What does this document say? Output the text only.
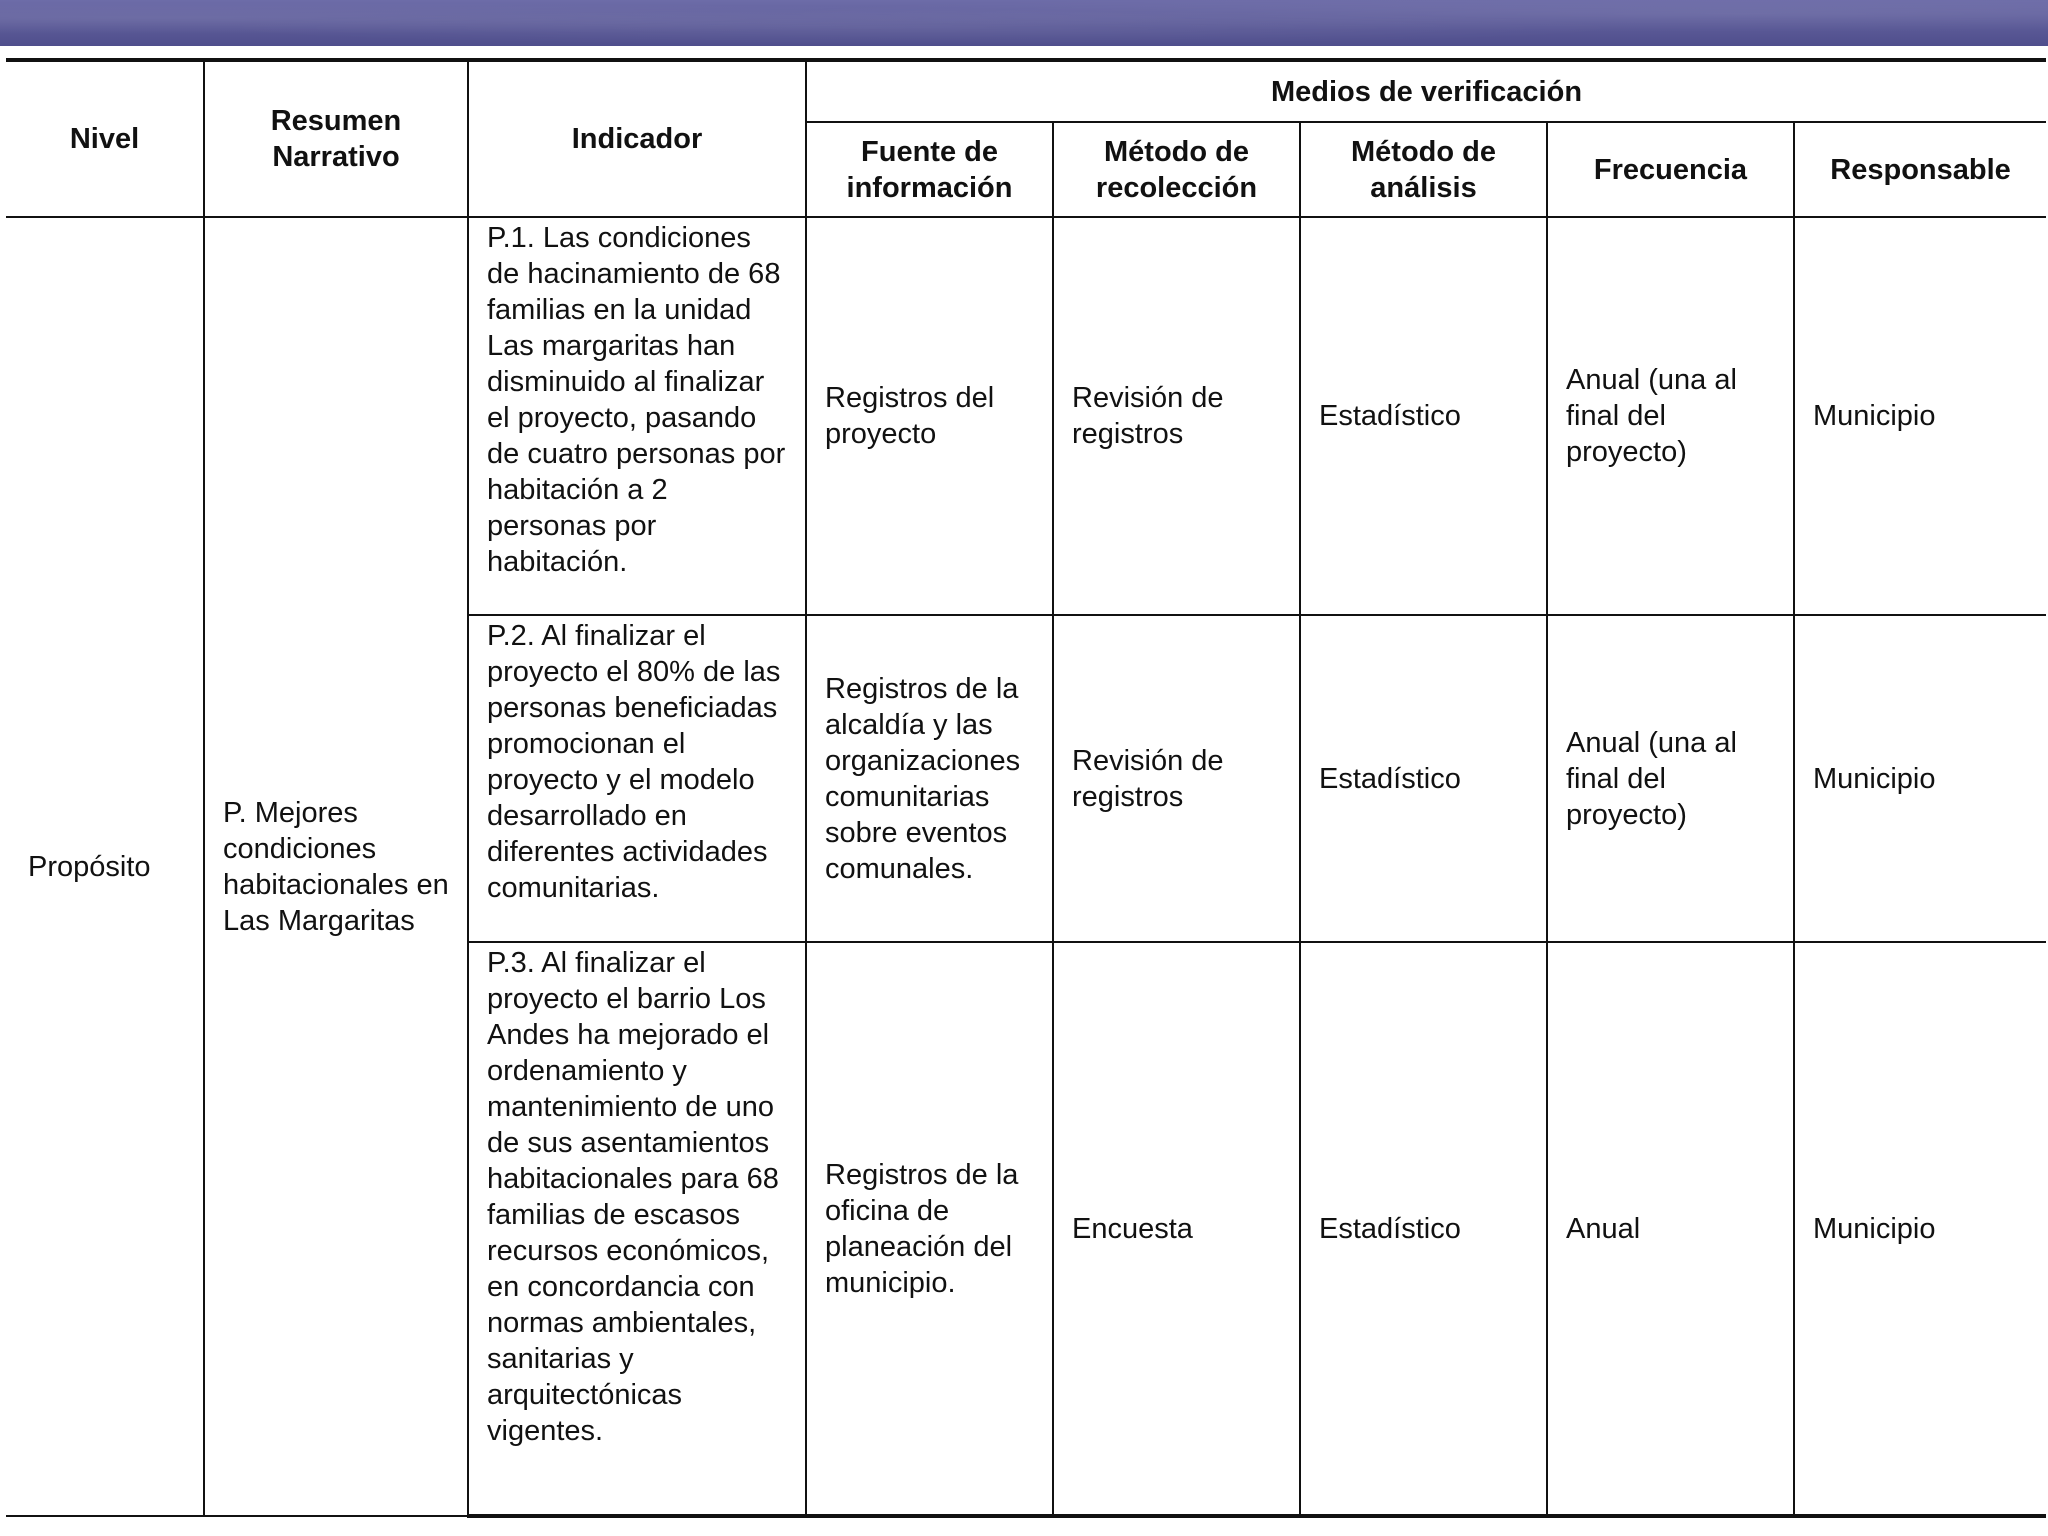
Nivel	Resumen Narrativo	Indicador	Medios de verificación				
			Fuente de información	Método de recolección	Método de análisis	Frecuencia	Responsable
Propósito	P. Mejores condiciones habitacionales en Las Margaritas	P.1. Las condiciones de hacinamiento de 68 familias en la unidad Las margaritas han disminuido al finalizar el proyecto, pasando de cuatro personas por habitación a 2 personas por habitación.	Registros del proyecto	Revisión de registros	Estadístico	Anual (una al final del proyecto)	Municipio
		P.2. Al finalizar el proyecto el 80% de las personas beneficiadas promocionan el proyecto y el modelo desarrollado en diferentes actividades comunitarias.	Registros de la alcaldía y las organizaciones comunitarias sobre eventos comunales.	Revisión de registros	Estadístico	Anual (una al final del proyecto)	Municipio
		P.3. Al finalizar el proyecto el barrio Los Andes ha mejorado el ordenamiento y mantenimiento de uno de sus asentamientos habitacionales para 68 familias de escasos recursos económicos, en concordancia con normas ambientales, sanitarias y arquitectónicas vigentes.	Registros de la oficina de planeación del municipio.	Encuesta	Estadístico	Anual	Municipio
